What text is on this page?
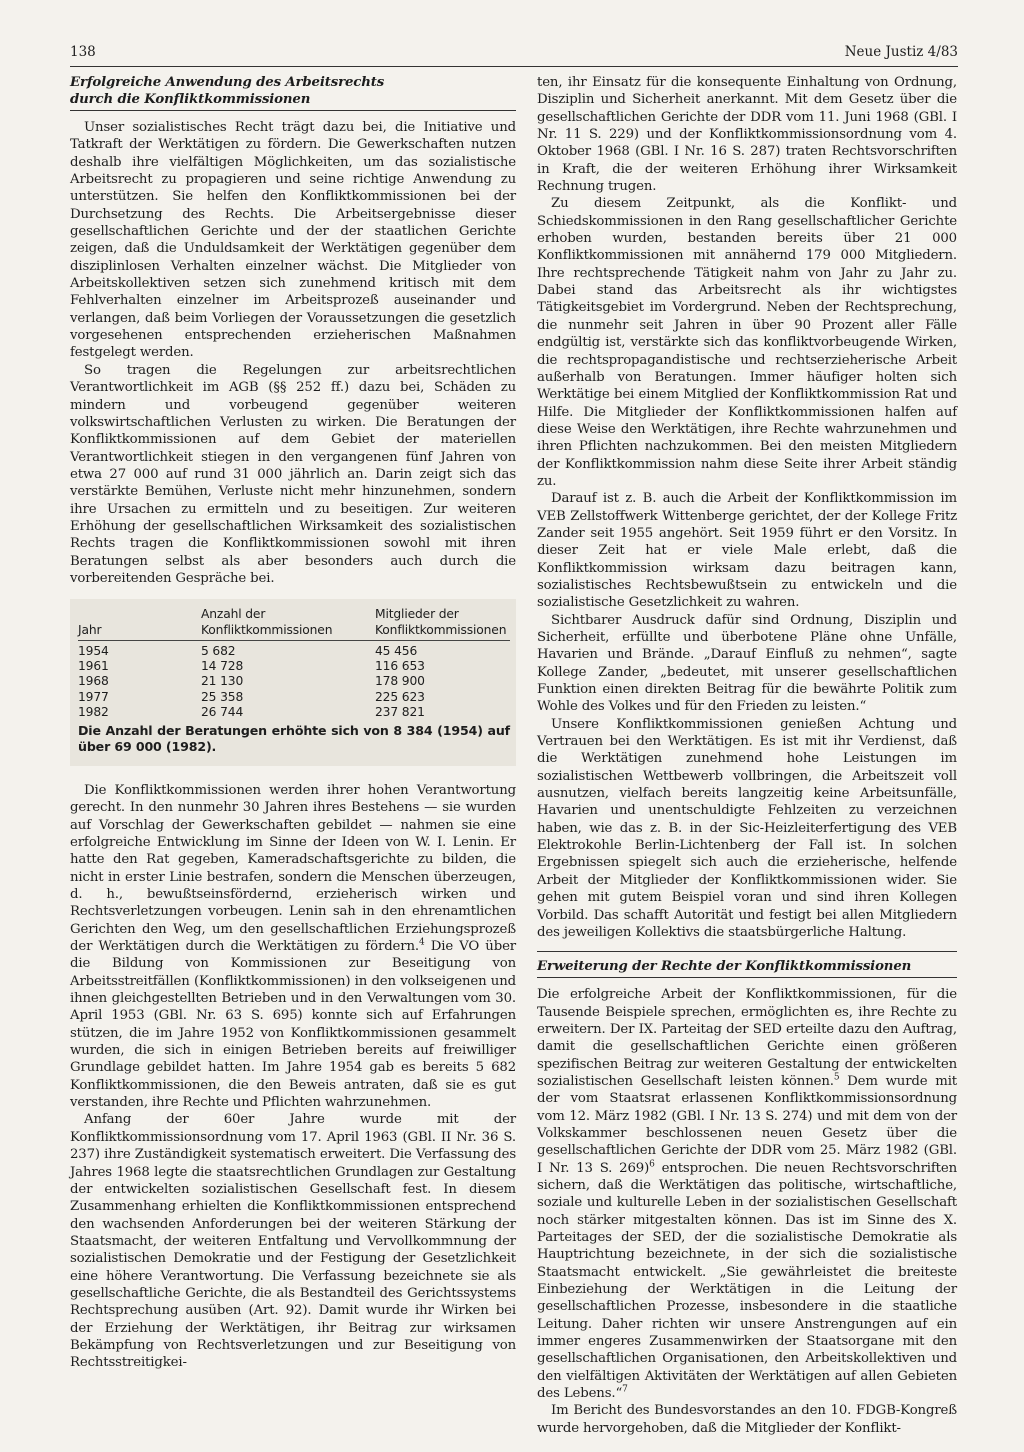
138	Neue Justiz 4/83
Erfolgreiche Anwendung des Arbeitsrechts
durch die Konfliktkommissionen

Unser sozialistisches Recht trägt dazu bei, die Initiative und Tatkraft der Werktätigen zu fördern. Die Gewerkschaften nutzen deshalb ihre vielfältigen Möglichkeiten, um das sozialistische Arbeitsrecht zu propagieren und seine richtige Anwendung zu unterstützen. Sie helfen den Konfliktkommissionen bei der Durchsetzung des Rechts. Die Arbeitsergebnisse dieser gesellschaftlichen Gerichte und der der staatlichen Gerichte zeigen, daß die Unduldsamkeit der Werktätigen gegenüber dem disziplinlosen Verhalten einzelner wächst. Die Mitglieder von Arbeitskollektiven setzen sich zunehmend kritisch mit dem Fehlverhalten einzelner im Arbeitsprozeß auseinander und verlangen, daß beim Vorliegen der Voraussetzungen die gesetzlich vorgesehenen entsprechenden erzieherischen Maßnahmen festgelegt werden.

So tragen die Regelungen zur arbeitsrechtlichen Verantwortlichkeit im AGB (§§ 252 ff.) dazu bei, Schäden zu mindern und vorbeugend gegenüber weiteren volkswirtschaftlichen Verlusten zu wirken. Die Beratungen der Konfliktkommissionen auf dem Gebiet der materiellen Verantwortlichkeit stiegen in den vergangenen fünf Jahren von etwa 27 000 auf rund 31 000 jährlich an. Darin zeigt sich das verstärkte Bemühen, Verluste nicht mehr hinzunehmen, sondern ihre Ursachen zu ermitteln und zu beseitigen. Zur weiteren Erhöhung der gesellschaftlichen Wirksamkeit des sozialistischen Rechts tragen die Konfliktkommissionen sowohl mit ihren Beratungen selbst als aber besonders auch durch die vorbereitenden Gespräche bei.

Jahr	Anzahl der Konfliktkommissionen	Mitglieder der Konfliktkommissionen
1954	5 682	45 456
1961	14 728	116 653
1968	21 130	178 900
1977	25 358	225 623
1982	26 744	237 821
Die Anzahl der Beratungen erhöhte sich von 8 384 (1954) auf über 69 000 (1982).

Die Konfliktkommissionen werden ihrer hohen Verantwortung gerecht. In den nunmehr 30 Jahren ihres Bestehens — sie wurden auf Vorschlag der Gewerkschaften gebildet — nahmen sie eine erfolgreiche Entwicklung im Sinne der Ideen von W. I. Lenin. Er hatte den Rat gegeben, Kameradschaftsgerichte zu bilden, die nicht in erster Linie bestrafen, sondern die Menschen überzeugen, d. h., bewußtseinsfördernd, erzieherisch wirken und Rechtsverletzungen vorbeugen. Lenin sah in den ehrenamtlichen Gerichten den Weg, um den gesellschaftlichen Erziehungsprozeß der Werktätigen durch die Werktätigen zu fördern.$^4$ Die VO über die Bildung von Kommissionen zur Beseitigung von Arbeitsstreitfällen (Konfliktkommissionen) in den volkseigenen und ihnen gleichgestellten Betrieben und in den Verwaltungen vom 30. April 1953 (GBl. Nr. 63 S. 695) konnte sich auf Erfahrungen stützen, die im Jahre 1952 von Konfliktkommissionen gesammelt wurden, die sich in einigen Betrieben bereits auf freiwilliger Grundlage gebildet hatten. Im Jahre 1954 gab es bereits 5 682 Konfliktkommissionen, die den Beweis antraten, daß sie es gut verstanden, ihre Rechte und Pflichten wahrzunehmen.

Anfang der 60er Jahre wurde mit der Konfliktkommissionsordnung vom 17. April 1963 (GBl. II Nr. 36 S. 237) ihre Zuständigkeit systematisch erweitert. Die Verfassung des Jahres 1968 legte die staatsrechtlichen Grundlagen zur Gestaltung der entwickelten sozialistischen Gesellschaft fest. In diesem Zusammenhang erhielten die Konfliktkommissionen entsprechend den wachsenden Anforderungen bei der weiteren Stärkung der Staatsmacht, der weiteren Entfaltung und Vervollkommnung der sozialistischen Demokratie und der Festigung der Gesetzlichkeit eine höhere Verantwortung. Die Verfassung bezeichnete sie als gesellschaftliche Gerichte, die als Bestandteil des Gerichtssystems Rechtsprechung ausüben (Art. 92). Damit wurde ihr Wirken bei der Erziehung der Werktätigen, ihr Beitrag zur wirksamen Bekämpfung von Rechtsverletzungen und zur Beseitigung von Rechtsstreitigkei-

ten, ihr Einsatz für die konsequente Einhaltung von Ordnung, Disziplin und Sicherheit anerkannt. Mit dem Gesetz über die gesellschaftlichen Gerichte der DDR vom 11. Juni 1968 (GBl. I Nr. 11 S. 229) und der Konfliktkommissionsordnung vom 4. Oktober 1968 (GBl. I Nr. 16 S. 287) traten Rechtsvorschriften in Kraft, die der weiteren Erhöhung ihrer Wirksamkeit Rechnung trugen.

Zu diesem Zeitpunkt, als die Konflikt- und Schiedskommissionen in den Rang gesellschaftlicher Gerichte erhoben wurden, bestanden bereits über 21 000 Konfliktkommissionen mit annähernd 179 000 Mitgliedern. Ihre rechtsprechende Tätigkeit nahm von Jahr zu Jahr zu. Dabei stand das Arbeitsrecht als ihr wichtigstes Tätigkeitsgebiet im Vordergrund. Neben der Rechtsprechung, die nunmehr seit Jahren in über 90 Prozent aller Fälle endgültig ist, verstärkte sich das konfliktvorbeugende Wirken, die rechtspropagandistische und rechtserzieherische Arbeit außerhalb von Beratungen. Immer häufiger holten sich Werktätige bei einem Mitglied der Konfliktkommission Rat und Hilfe. Die Mitglieder der Konfliktkommissionen halfen auf diese Weise den Werktätigen, ihre Rechte wahrzunehmen und ihren Pflichten nachzukommen. Bei den meisten Mitgliedern der Konfliktkommission nahm diese Seite ihrer Arbeit ständig zu.

Darauf ist z. B. auch die Arbeit der Konfliktkommission im VEB Zellstoffwerk Wittenberge gerichtet, der der Kollege Fritz Zander seit 1955 angehört. Seit 1959 führt er den Vorsitz. In dieser Zeit hat er viele Male erlebt, daß die Konfliktkommission wirksam dazu beitragen kann, sozialistisches Rechtsbewußtsein zu entwickeln und die sozialistische Gesetzlichkeit zu wahren.

Sichtbarer Ausdruck dafür sind Ordnung, Disziplin und Sicherheit, erfüllte und überbotene Pläne ohne Unfälle, Havarien und Brände. „Darauf Einfluß zu nehmen“, sagte Kollege Zander, „bedeutet, mit unserer gesellschaftlichen Funktion einen direkten Beitrag für die bewährte Politik zum Wohle des Volkes und für den Frieden zu leisten.“

Unsere Konfliktkommissionen genießen Achtung und Vertrauen bei den Werktätigen. Es ist mit ihr Verdienst, daß die Werktätigen zunehmend hohe Leistungen im sozialistischen Wettbewerb vollbringen, die Arbeitszeit voll ausnutzen, vielfach bereits langzeitig keine Arbeitsunfälle, Havarien und unentschuldigte Fehlzeiten zu verzeichnen haben, wie das z. B. in der Sic-Heizleiterfertigung des VEB Elektrokohle Berlin-Lichtenberg der Fall ist. In solchen Ergebnissen spiegelt sich auch die erzieherische, helfende Arbeit der Mitglieder der Konfliktkommissionen wider. Sie gehen mit gutem Beispiel voran und sind ihren Kollegen Vorbild. Das schafft Autorität und festigt bei allen Mitgliedern des jeweiligen Kollektivs die staatsbürgerliche Haltung.

Erweiterung der Rechte der Konfliktkommissionen

Die erfolgreiche Arbeit der Konfliktkommissionen, für die Tausende Beispiele sprechen, ermöglichten es, ihre Rechte zu erweitern. Der IX. Parteitag der SED erteilte dazu den Auftrag, damit die gesellschaftlichen Gerichte einen größeren spezifischen Beitrag zur weiteren Gestaltung der entwickelten sozialistischen Gesellschaft leisten können.$^5$ Dem wurde mit der vom Staatsrat erlassenen Konfliktkommissionsordnung vom 12. März 1982 (GBl. I Nr. 13 S. 274) und mit dem von der Volkskammer beschlossenen neuen Gesetz über die gesellschaftlichen Gerichte der DDR vom 25. März 1982 (GBl. I Nr. 13 S. 269)$^6$ entsprochen. Die neuen Rechtsvorschriften sichern, daß die Werktätigen das politische, wirtschaftliche, soziale und kulturelle Leben in der sozialistischen Gesellschaft noch stärker mitgestalten können. Das ist im Sinne des X. Parteitages der SED, der die sozialistische Demokratie als Hauptrichtung bezeichnete, in der sich die sozialistische Staatsmacht entwickelt. „Sie gewährleistet die breiteste Einbeziehung der Werktätigen in die Leitung der gesellschaftlichen Prozesse, insbesondere in die staatliche Leitung. Daher richten wir unsere Anstrengungen auf ein immer engeres Zusammenwirken der Staatsorgane mit den gesellschaftlichen Organisationen, den Arbeitskollektiven und den vielfältigen Aktivitäten der Werktätigen auf allen Gebieten des Lebens.“$^7$

Im Bericht des Bundesvorstandes an den 10. FDGB-Kongreß wurde hervorgehoben, daß die Mitglieder der Konflikt-
